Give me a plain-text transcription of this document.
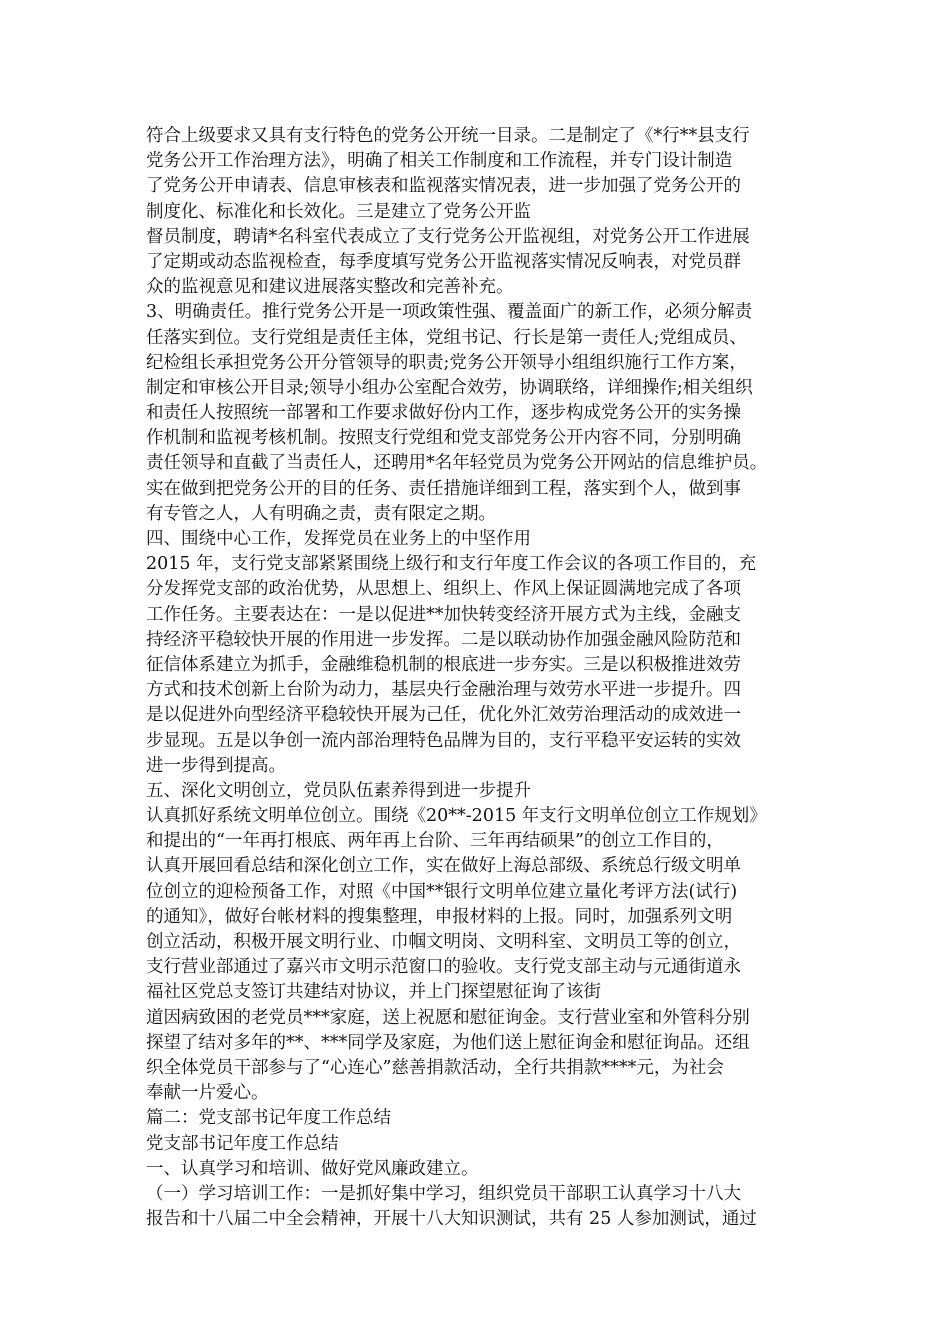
符合上级要求又具有支行特色的党务公开统一目录。二是制定了《*行**县支行
党务公开工作治理方法》，明确了相关工作制度和工作流程，并专门设计制造
了党务公开申请表、信息审核表和监视落实情况表，进一步加强了党务公开的
制度化、标准化和长效化。三是建立了党务公开监
督员制度，聘请*名科室代表成立了支行党务公开监视组，对党务公开工作进展
了定期或动态监视检查，每季度填写党务公开监视落实情况反响表，对党员群
众的监视意见和建议进展落实整改和完善补充。
3、明确责任。推行党务公开是一项政策性强、覆盖面广的新工作，必须分解责
任落实到位。支行党组是责任主体，党组书记、行长是第一责任人;党组成员、
纪检组长承担党务公开分管领导的职责;党务公开领导小组组织施行工作方案，
制定和审核公开目录;领导小组办公室配合效劳，协调联络，详细操作;相关组织
和责任人按照统一部署和工作要求做好份内工作，逐步构成党务公开的实务操
作机制和监视考核机制。按照支行党组和党支部党务公开内容不同，分别明确
责任领导和直截了当责任人，还聘用*名年轻党员为党务公开网站的信息维护员。
实在做到把党务公开的目的任务、责任措施详细到工程，落实到个人，做到事
有专管之人，人有明确之责，责有限定之期。
四、围绕中心工作，发挥党员在业务上的中坚作用
2015 年，支行党支部紧紧围绕上级行和支行年度工作会议的各项工作目的，充
分发挥党支部的政治优势，从思想上、组织上、作风上保证圆满地完成了各项
工作任务。主要表达在：一是以促进**加快转变经济开展方式为主线，金融支
持经济平稳较快开展的作用进一步发挥。二是以联动协作加强金融风险防范和
征信体系建立为抓手，金融维稳机制的根底进一步夯实。三是以积极推进效劳
方式和技术创新上台阶为动力，基层央行金融治理与效劳水平进一步提升。四
是以促进外向型经济平稳较快开展为己任，优化外汇效劳治理活动的成效进一
步显现。五是以争创一流内部治理特色品牌为目的，支行平稳平安运转的实效
进一步得到提高。
五、深化文明创立，党员队伍素养得到进一步提升
认真抓好系统文明单位创立。围绕《20**-2015 年支行文明单位创立工作规划》
和提出的“一年再打根底、两年再上台阶、三年再结硕果”的创立工作目的，
认真开展回看总结和深化创立工作，实在做好上海总部级、系统总行级文明单
位创立的迎检预备工作，对照《中国**银行文明单位建立量化考评方法(试行)
的通知》，做好台帐材料的搜集整理，申报材料的上报。同时，加强系列文明
创立活动，积极开展文明行业、巾帼文明岗、文明科室、文明员工等的创立，
支行营业部通过了嘉兴市文明示范窗口的验收。支行党支部主动与元通街道永
福社区党总支签订共建结对协议，并上门探望慰征询了该街
道因病致困的老党员***家庭，送上祝愿和慰征询金。支行营业室和外管科分别
探望了结对多年的**、***同学及家庭，为他们送上慰征询金和慰征询品。还组
织全体党员干部参与了“心连心”慈善捐款活动，全行共捐款****元，为社会
奉献一片爱心。
篇二：党支部书记年度工作总结
党支部书记年度工作总结
一、认真学习和培训、做好党风廉政建立。
（一）学习培训工作：一是抓好集中学习，组织党员干部职工认真学习十八大
报告和十八届二中全会精神，开展十八大知识测试，共有 25 人参加测试，通过
